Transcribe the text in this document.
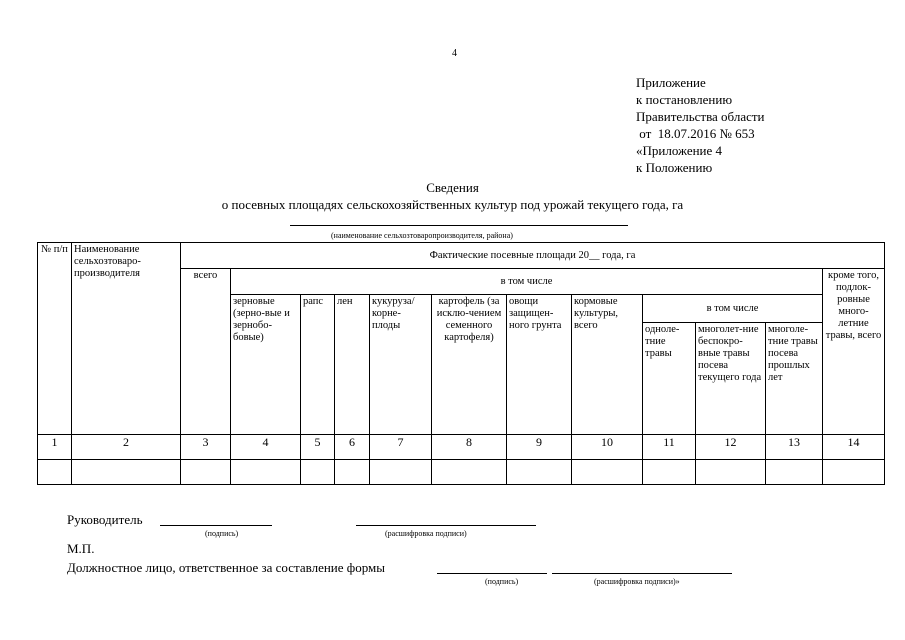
4
Приложение
к постановлению
Правительства области
от  18.07.2016 № 653
«Приложение 4
к Положению
Сведения
о посевных площадях сельскохозяйственных культур под урожай текущего года, га
(наименование сельхозтоваропроизводителя, района)
№ п/п	Наименование сельхозтоваро-производителя	Фактические посевные площади 20__ года, га											
		всего	в том числе										кроме того, подлок-ровные много-летние травы, всего
			зерновые (зерно-вые и зернобо-бовые)	рапс	лен	кукуруза/ корне-плоды	картофель (за исклю-чением семенного картофеля)	овощи защищен-ного грунта	кормовые культуры, всего	в том числе			
										одноле-тние травы	многолет-ние беспокро-вные травы посева текущего года	многоле-тние травы посева прошлых лет	
1	2	3	4	5	6	7	8	9	10	11	12	13	14

Руководитель
(подпись)	(расшифровка подписи)
М.П.
Должностное лицо, ответственное за составление формы
(подпись)	(расшифровка подписи)»
